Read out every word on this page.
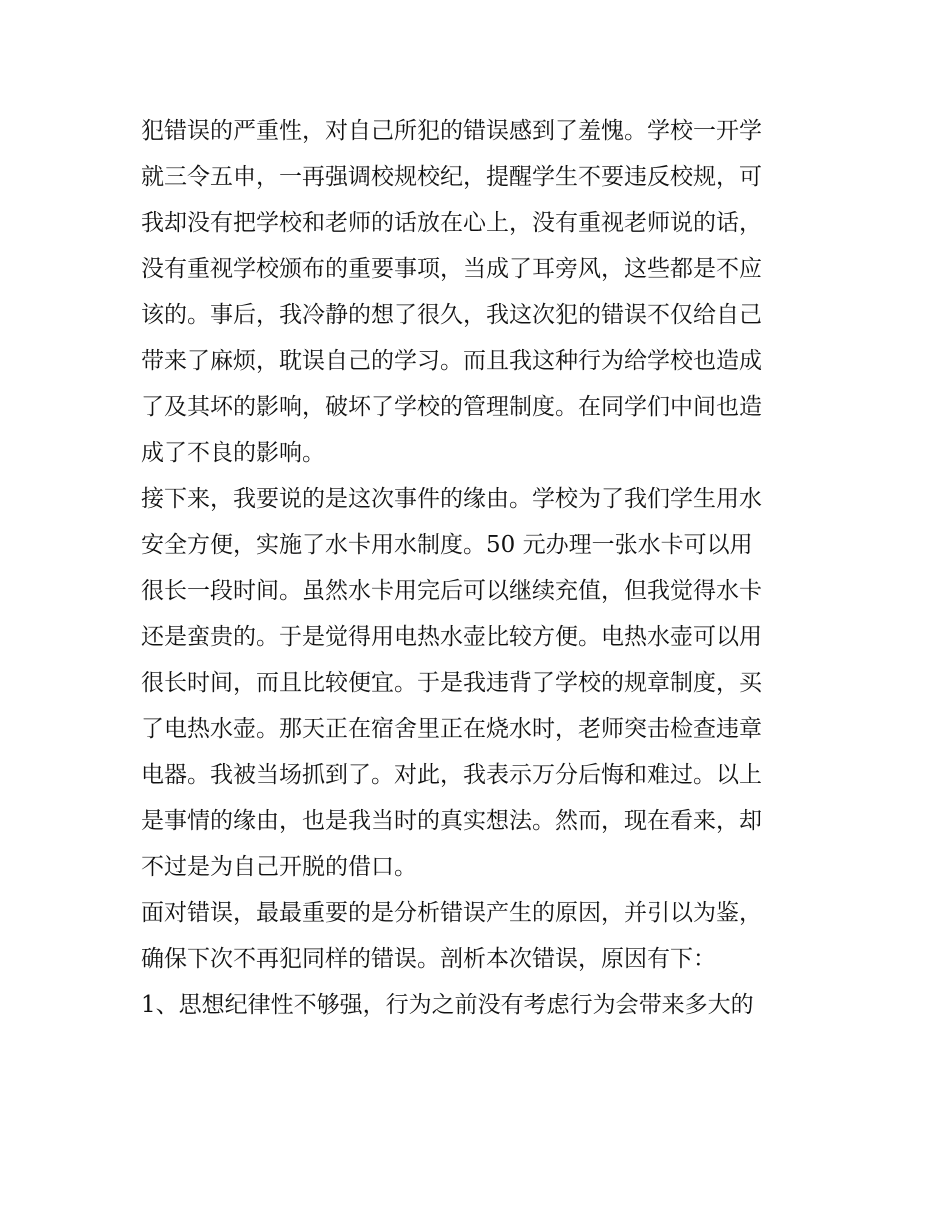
犯错误的严重性，对自己所犯的错误感到了羞愧。学校一开学
就三令五申，一再强调校规校纪，提醒学生不要违反校规，可
我却没有把学校和老师的话放在心上，没有重视老师说的话，
没有重视学校颁布的重要事项，当成了耳旁风，这些都是不应
该的。事后，我冷静的想了很久，我这次犯的错误不仅给自己
带来了麻烦，耽误自己的学习。而且我这种行为给学校也造成
了及其坏的影响，破坏了学校的管理制度。在同学们中间也造
成了不良的影响。
接下来，我要说的是这次事件的缘由。学校为了我们学生用水
安全方便，实施了水卡用水制度。50 元办理一张水卡可以用
很长一段时间。虽然水卡用完后可以继续充值，但我觉得水卡
还是蛮贵的。于是觉得用电热水壶比较方便。电热水壶可以用
很长时间，而且比较便宜。于是我违背了学校的规章制度，买
了电热水壶。那天正在宿舍里正在烧水时，老师突击检查违章
电器。我被当场抓到了。对此，我表示万分后悔和难过。以上
是事情的缘由，也是我当时的真实想法。然而，现在看来，却
不过是为自己开脱的借口。
面对错误，最最重要的是分析错误产生的原因，并引以为鉴，
确保下次不再犯同样的错误。剖析本次错误，原因有下：
1、思想纪律性不够强，行为之前没有考虑行为会带来多大的
